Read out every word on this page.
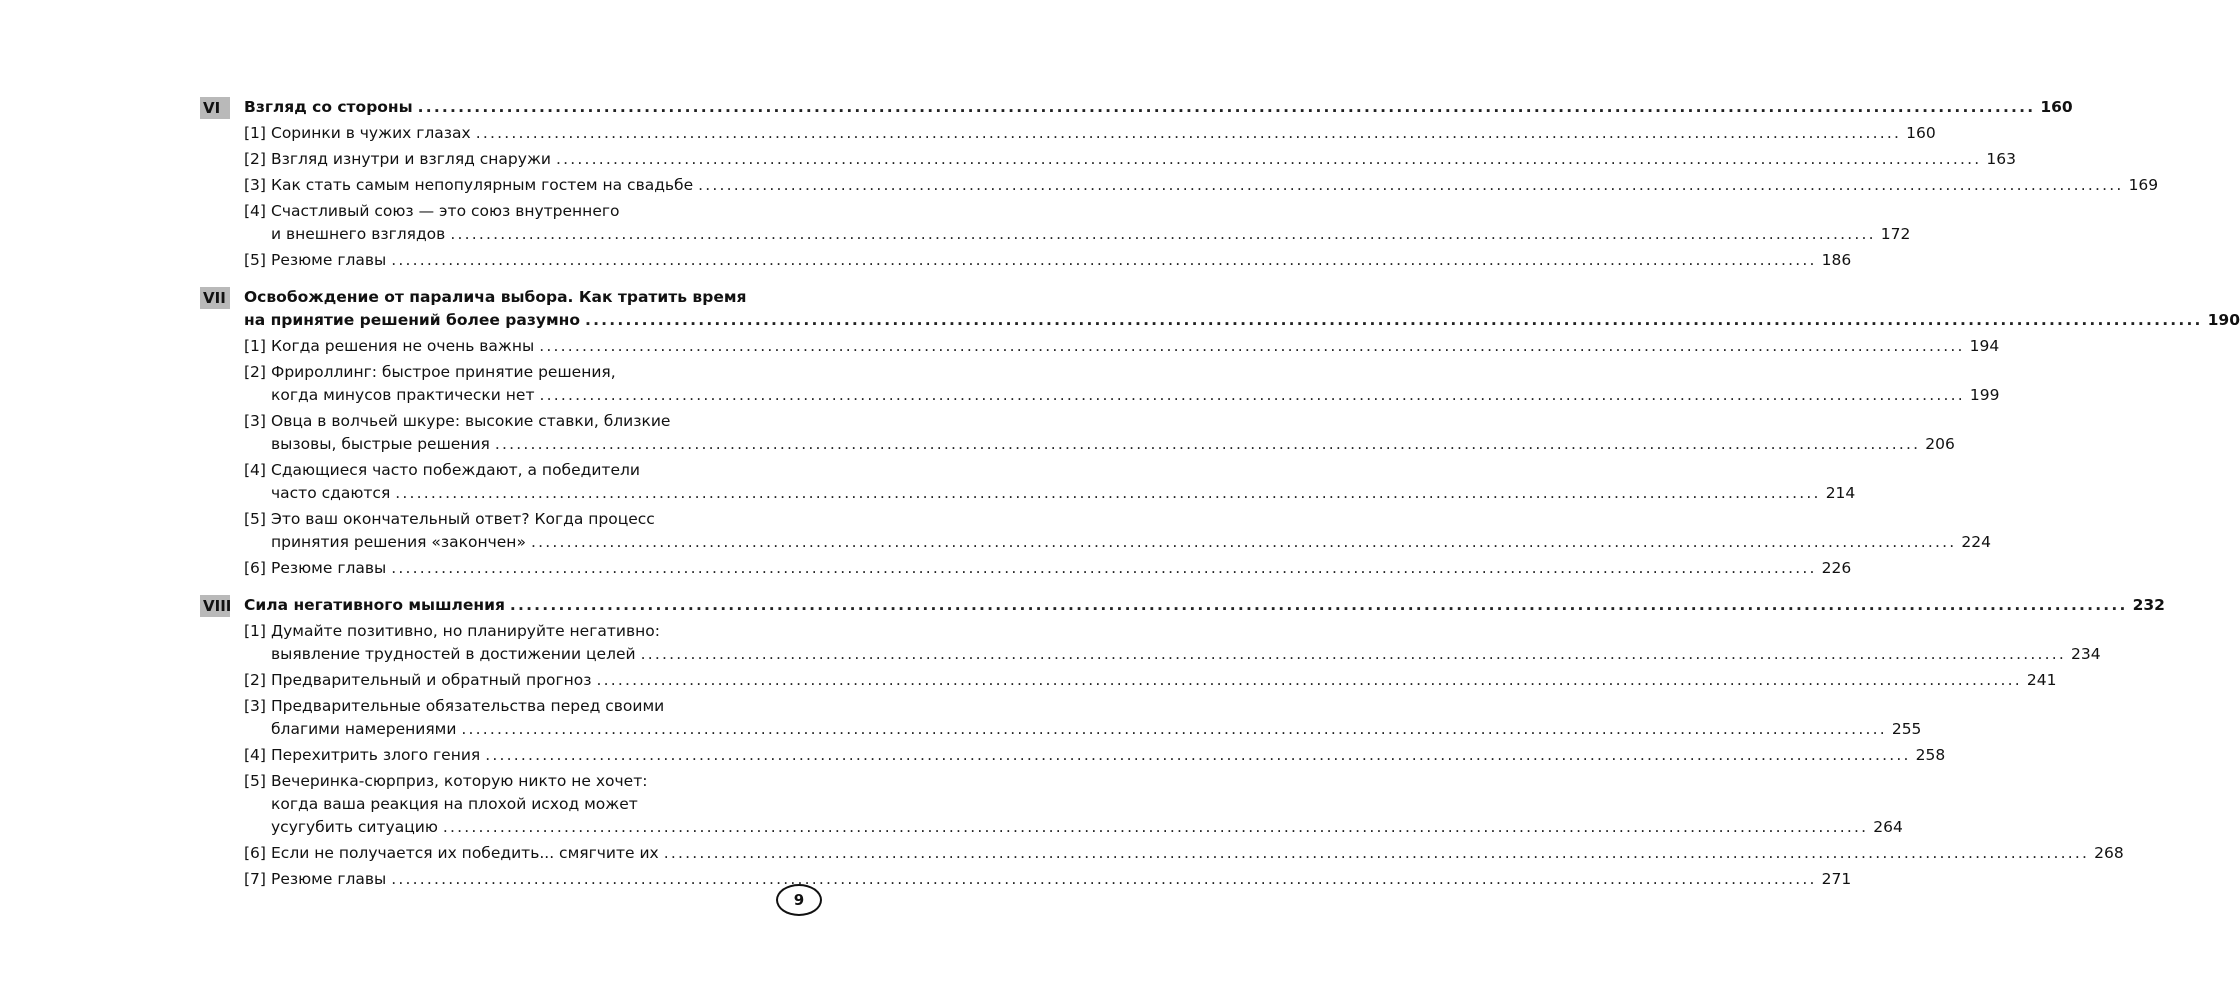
VI	Взгляд со стороны ........................................................................................................................................................................................................ 160
[1] Соринки в чужих глазах ........................................................................................................................................................................................................ 160
[2] Взгляд изнутри и взгляд снаружи ........................................................................................................................................................................................................ 163
[3] Как стать самым непопулярным гостем на свадьбе ........................................................................................................................................................................................................ 169
[4] Счастливый союз — это союз внутреннего
и внешнего взглядов ........................................................................................................................................................................................................ 172
[5] Резюме главы ........................................................................................................................................................................................................ 186
VII Освобождение от паралича выбора. Как тратить время
на принятие решений более разумно ........................................................................................................................................................................................................ 190
[1] Когда решения не очень важны ........................................................................................................................................................................................................ 194
[2] Фрироллинг: быстрое принятие решения,
когда минусов практически нет ........................................................................................................................................................................................................ 199
[3] Овца в волчьей шкуре: высокие ставки, близкие
вызовы, быстрые решения ........................................................................................................................................................................................................ 206
[4] Сдающиеся часто побеждают, а победители
часто сдаются ........................................................................................................................................................................................................ 214
[5] Это ваш окончательный ответ? Когда процесс
принятия решения «закончен» ........................................................................................................................................................................................................ 224
[6] Резюме главы ........................................................................................................................................................................................................ 226
VIII Сила негативного мышления ........................................................................................................................................................................................................ 232
[1] Думайте позитивно, но планируйте негативно:
выявление трудностей в достижении целей ........................................................................................................................................................................................................ 234
[2] Предварительный и обратный прогноз ........................................................................................................................................................................................................ 241
[3] Предварительные обязательства перед своими
благими намерениями ........................................................................................................................................................................................................ 255
[4] Перехитрить злого гения ........................................................................................................................................................................................................ 258
[5] Вечеринка-сюрприз, которую никто не хочет:
когда ваша реакция на плохой исход может
усугубить ситуацию ........................................................................................................................................................................................................ 264
[6] Если не получается их победить... смягчите их ........................................................................................................................................................................................................ 268
[7] Резюме главы ........................................................................................................................................................................................................ 271
9
